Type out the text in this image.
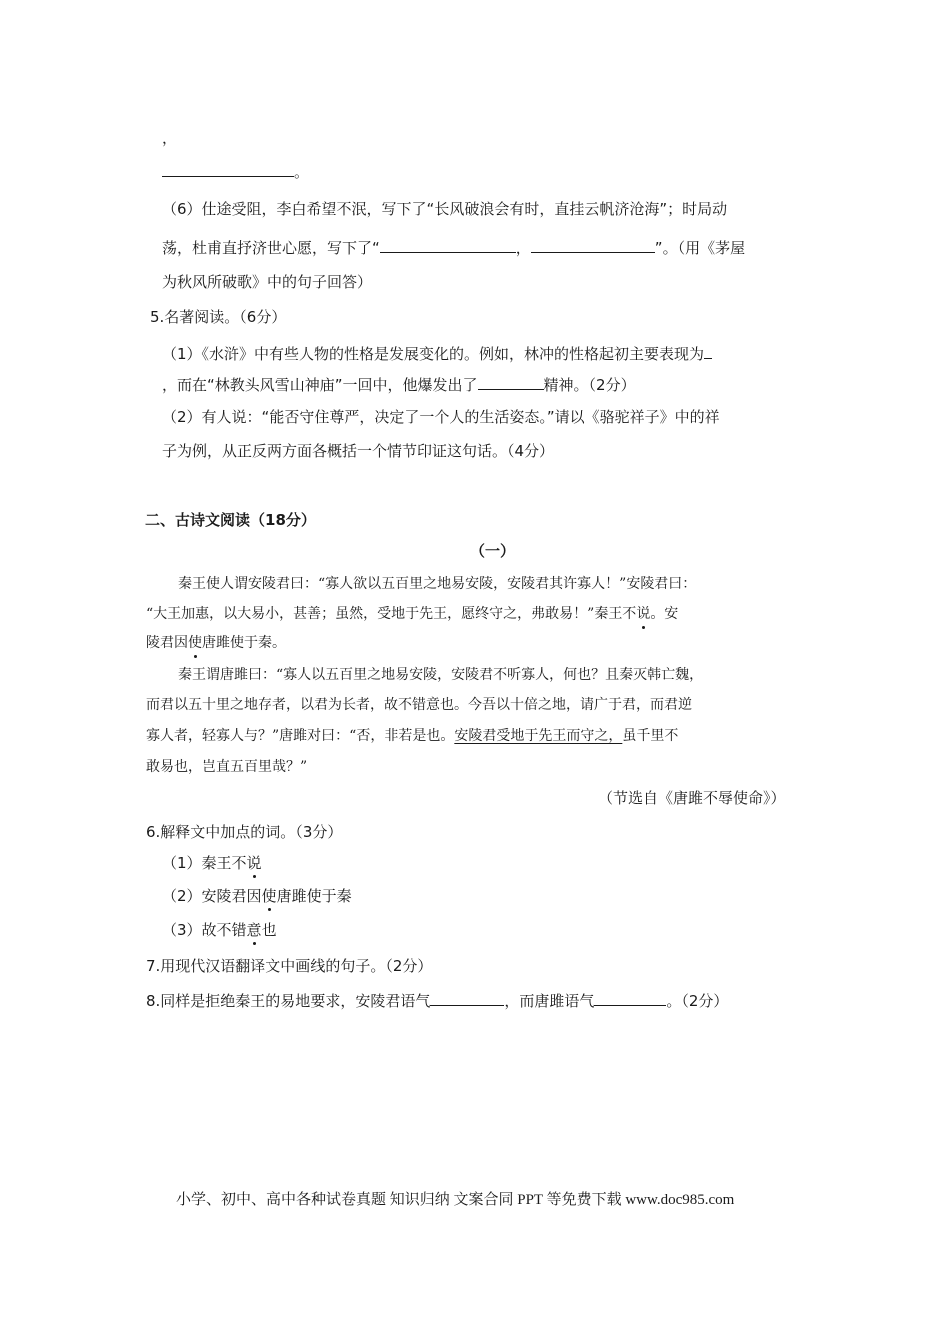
，
。
（6）仕途受阻，李白希望不泯，写下了“长风破浪会有时，直挂云帆济沧海”；时局动
荡，杜甫直抒济世心愿，写下了“	，	”。（用《茅屋
为秋风所破歌》中的句子回答）
5.名著阅读。（6分）
（1）《水浒》中有些人物的性格是发展变化的。例如，林冲的性格起初主要表现为
，而在“林教头风雪山神庙”一回中，他爆发出了	精神。（2分）
（2）有人说：“能否守住尊严，决定了一个人的生活姿态。”请以《骆驼祥子》中的祥
子为例，从正反两方面各概括一个情节印证这句话。（4分）
二、古诗文阅读（18分）
（一）
秦王使人谓安陵君曰：“寡人欲以五百里之地易安陵，安陵君其许寡人！”安陵君曰：
“大王加惠，以大易小，甚善；虽然，受地于先王，愿终守之，弗敢易！”秦王不说。安
陵君因使唐雎使于秦。
秦王谓唐雎曰：“寡人以五百里之地易安陵，安陵君不听寡人，何也？且秦灭韩亡魏，
而君以五十里之地存者，以君为长者，故不错意也。今吾以十倍之地，请广于君，而君逆
寡人者，轻寡人与？”唐雎对曰：“否，非若是也。安陵君受地于先王而守之，虽千里不
敢易也，岂直五百里哉？”
（节选自《唐雎不辱使命》）
6.解释文中加点的词。（3分）
（1）秦王不说
（2）安陵君因使唐雎使于秦
（3）故不错意也
7.用现代汉语翻译文中画线的句子。（2分）
8.同样是拒绝秦王的易地要求，安陵君语气	，而唐雎语气	。（2分）
小学、初中、高中各种试卷真题 知识归纳 文案合同 PPT 等免费下载 www.doc985.com
